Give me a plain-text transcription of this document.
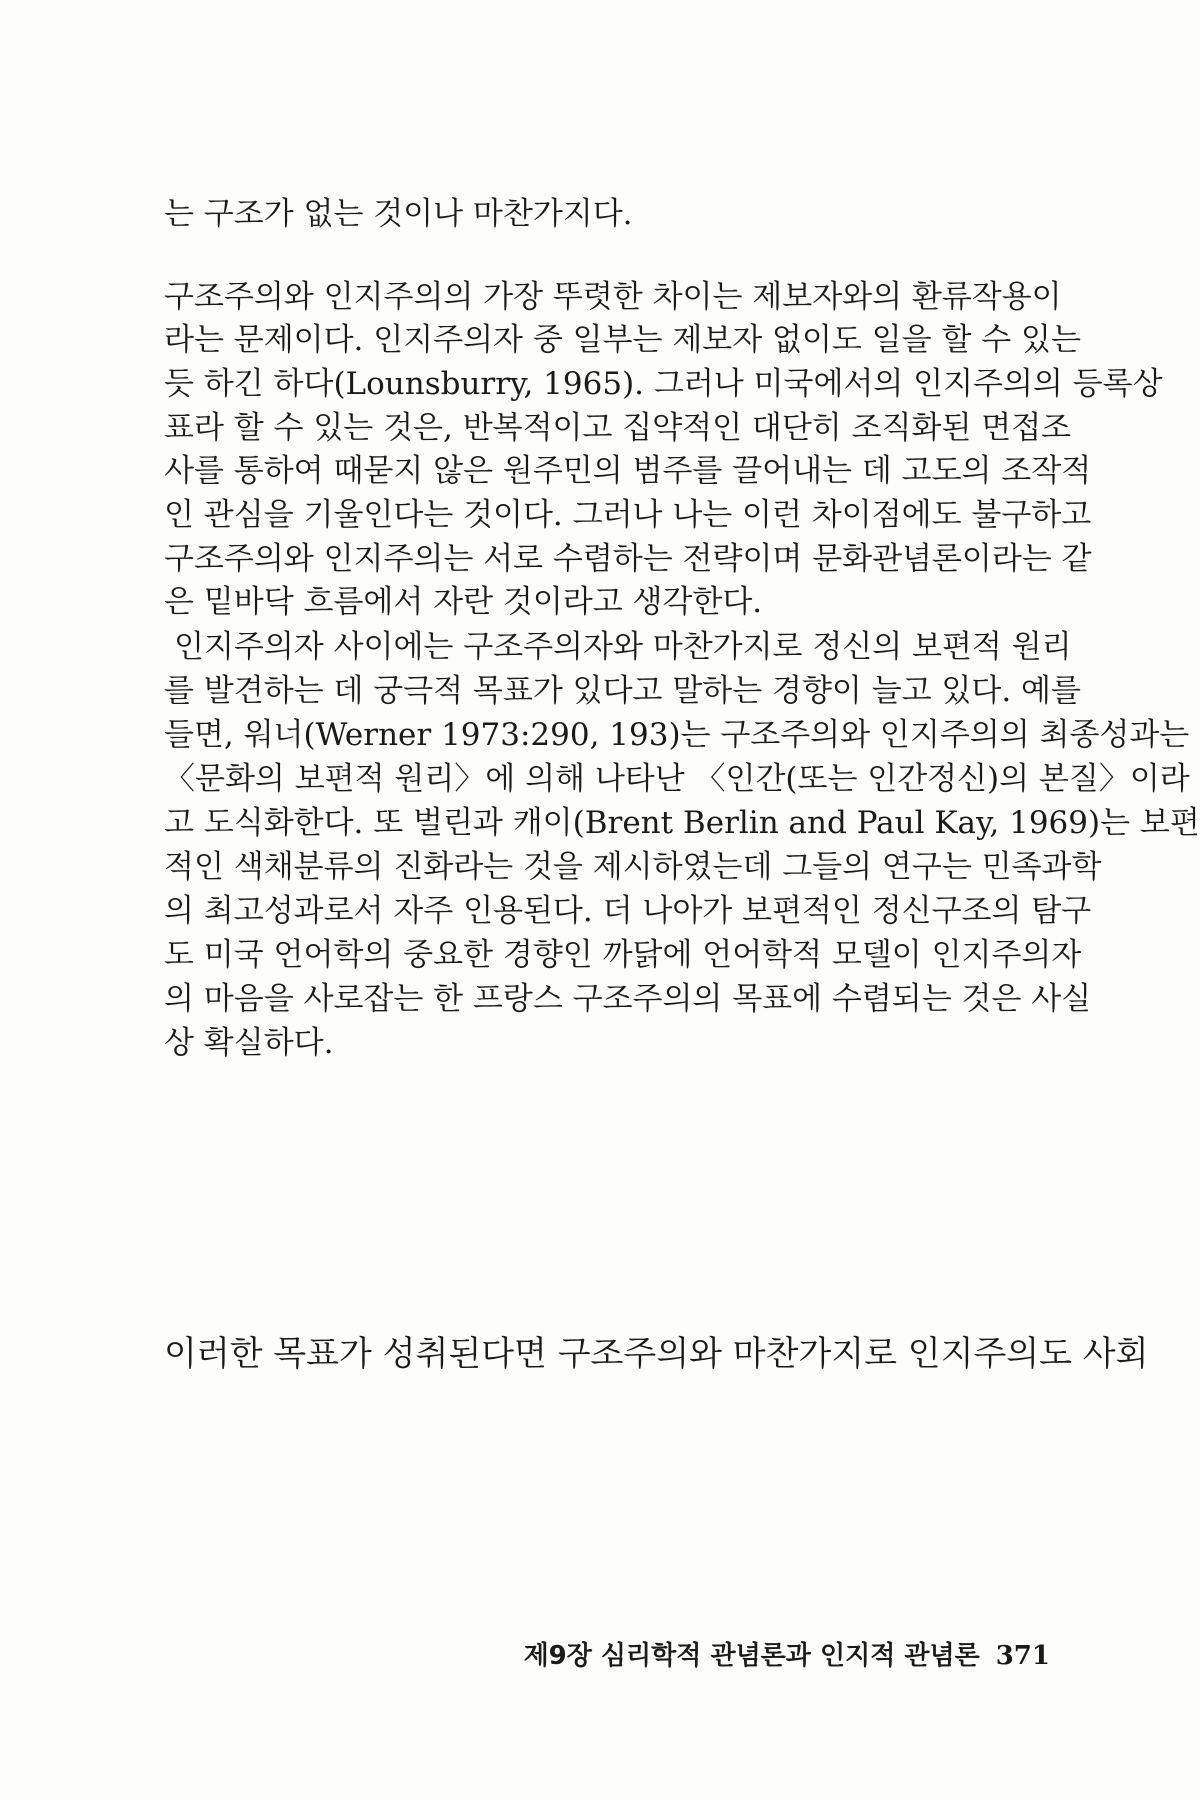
는 구조가 없는 것이나 마찬가지다.
구조주의와 인지주의의 가장 뚜렷한 차이는 제보자와의 환류작용이
라는 문제이다. 인지주의자 중 일부는 제보자 없이도 일을 할 수 있는
듯 하긴 하다(Lounsburry, 1965). 그러나 미국에서의 인지주의의 등록상
표라 할 수 있는 것은, 반복적이고 집약적인 대단히 조직화된 면접조
사를 통하여 때묻지 않은 원주민의 범주를 끌어내는 데 고도의 조작적
인 관심을 기울인다는 것이다. 그러나 나는 이런 차이점에도 불구하고
구조주의와 인지주의는 서로 수렴하는 전략이며 문화관념론이라는 같
은 밑바닥 흐름에서 자란 것이라고 생각한다.
인지주의자 사이에는 구조주의자와 마찬가지로 정신의 보편적 원리
를 발견하는 데 궁극적 목표가 있다고 말하는 경향이 늘고 있다. 예를
들면, 워너(Werner 1973:290, 193)는 구조주의와 인지주의의 최종성과는
〈문화의 보편적 원리〉에 의해 나타난 〈인간(또는 인간정신)의 본질〉이라
고 도식화한다. 또 벌린과 캐이(Brent Berlin and Paul Kay, 1969)는 보편
적인 색채분류의 진화라는 것을 제시하였는데 그들의 연구는 민족과학
의 최고성과로서 자주 인용된다. 더 나아가 보편적인 정신구조의 탐구
도 미국 언어학의 중요한 경향인 까닭에 언어학적 모델이 인지주의자
의 마음을 사로잡는 한 프랑스 구조주의의 목표에 수렴되는 것은 사실
상 확실하다.
이러한 목표가 성취된다면 구조주의와 마찬가지로 인지주의도 사회
제9장 심리학적 관념론과 인지적 관념론 371
